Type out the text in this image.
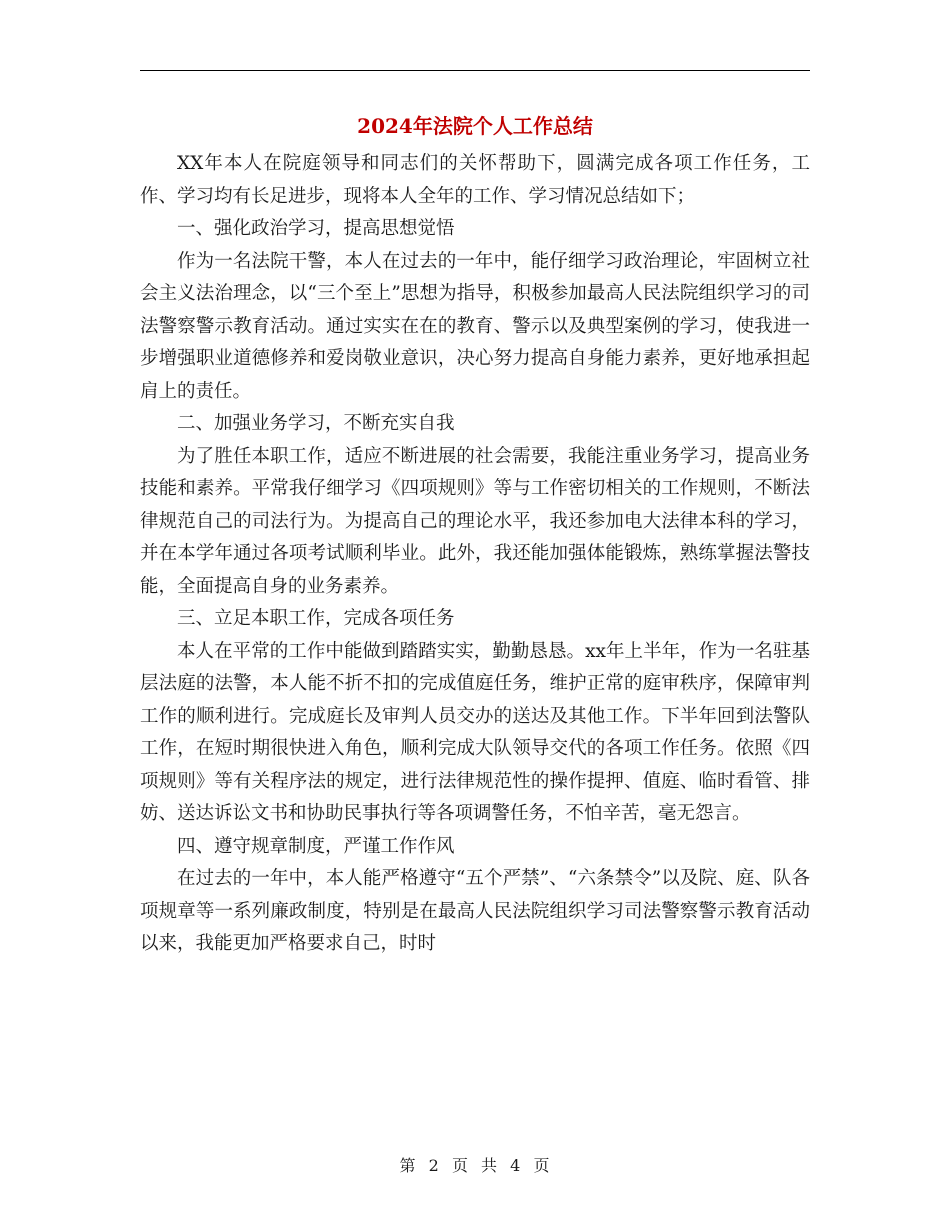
2024年法院个人工作总结

XX年本人在院庭领导和同志们的关怀帮助下，圆满完成各项工作任务，工作、学习均有长足进步，现将本人全年的工作、学习情况总结如下；

一、强化政治学习，提高思想觉悟

作为一名法院干警，本人在过去的一年中，能仔细学习政治理论，牢固树立社会主义法治理念，以“三个至上”思想为指导，积极参加最高人民法院组织学习的司法警察警示教育活动。通过实实在在的教育、警示以及典型案例的学习，使我进一步增强职业道德修养和爱岗敬业意识，决心努力提高自身能力素养，更好地承担起肩上的责任。

二、加强业务学习，不断充实自我

为了胜任本职工作，适应不断进展的社会需要，我能注重业务学习，提高业务技能和素养。平常我仔细学习《四项规则》等与工作密切相关的工作规则，不断法律规范自己的司法行为。为提高自己的理论水平，我还参加电大法律本科的学习，并在本学年通过各项考试顺利毕业。此外，我还能加强体能锻炼，熟练掌握法警技能，全面提高自身的业务素养。

三、立足本职工作，完成各项任务

本人在平常的工作中能做到踏踏实实，勤勤恳恳。xx年上半年，作为一名驻基层法庭的法警，本人能不折不扣的完成值庭任务，维护正常的庭审秩序，保障审判工作的顺利进行。完成庭长及审判人员交办的送达及其他工作。下半年回到法警队工作，在短时期很快进入角色，顺利完成大队领导交代的各项工作任务。依照《四项规则》等有关程序法的规定，进行法律规范性的操作提押、值庭、临时看管、排妨、送达诉讼文书和协助民事执行等各项调警任务，不怕辛苦，毫无怨言。

四、遵守规章制度，严谨工作作风

在过去的一年中，本人能严格遵守“五个严禁”、“六条禁令”以及院、庭、队各项规章等一系列廉政制度，特别是在最高人民法院组织学习司法警察警示教育活动以来，我能更加严格要求自己，时时

第 2 页 共 4 页
